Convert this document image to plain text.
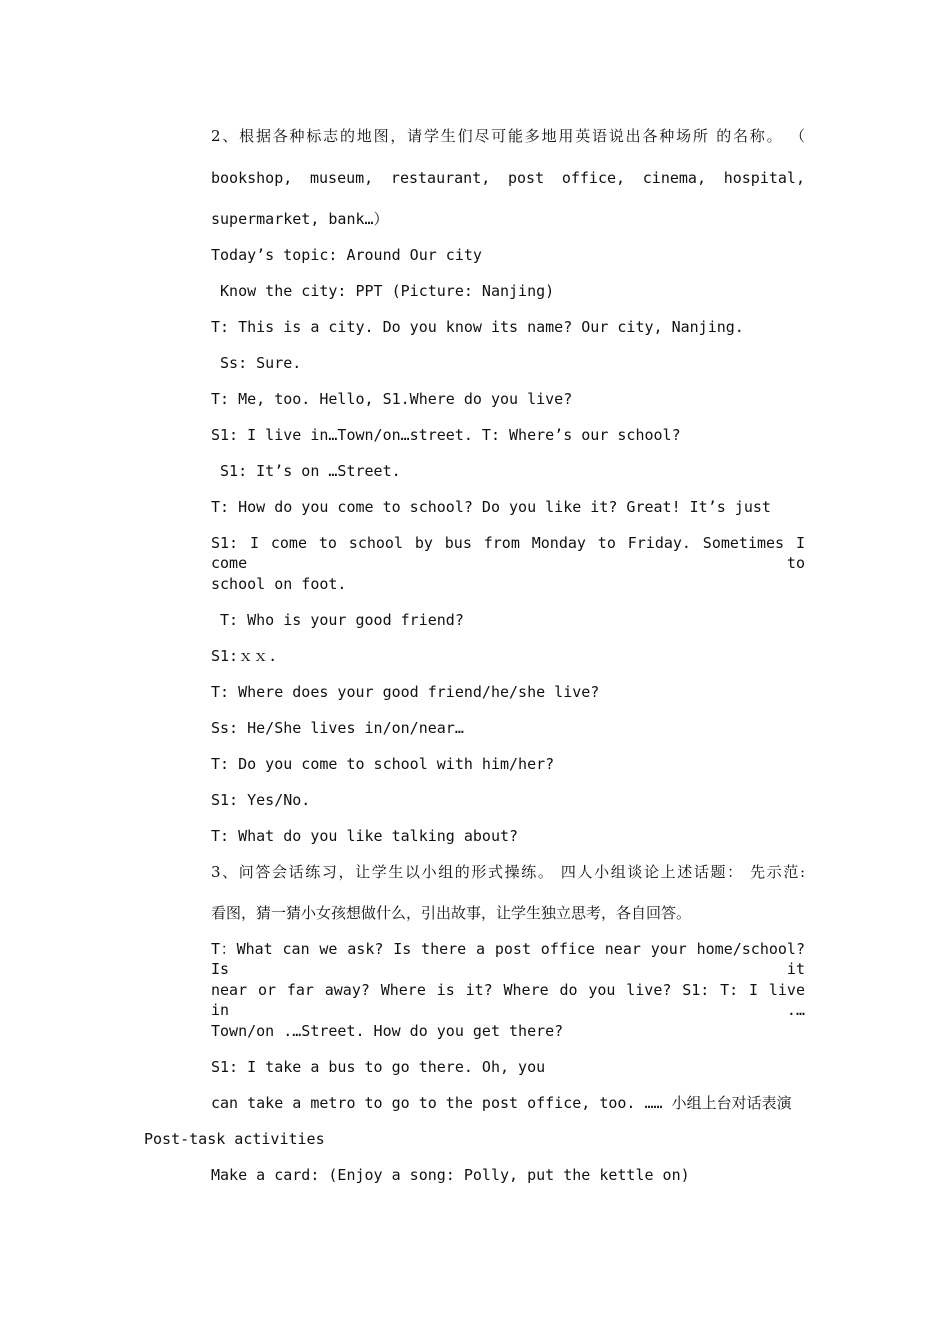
2、根据各种标志的地图，请学生们尽可能多地用英语说出各种场所 的名称。 （
bookshop, museum, restaurant, post office, cinema, hospital,
supermarket, bank…）
Today’s topic: Around Our city
Know the city: PPT (Picture: Nanjing)
T: This is a city. Do you know its name? Our city, Nanjing.
Ss: Sure.
T: Me, too. Hello, S1.Where do you live?
S1: I live in…Town/on…street. T: Where’s our school?
S1: It’s on …Street.
T: How do you come to school? Do you like it? Great! It’s just
S1: I come to school by bus from Monday to Friday. Sometimes I come to
school on foot.
T: Who is your good friend?
S1:ｘｘ.
T: Where does your good friend/he/she live?
Ss: He/She lives in/on/near…
T: Do you come to school with him/her?
S1: Yes/No.
T: What do you like talking about?
3、问答会话练习，让学生以小组的形式操练。 四人小组谈论上述话题： 先示范:
看图，猜一猜小女孩想做什么，引出故事，让学生独立思考，各自回答。
T：What can we ask? Is there a post office near your home/school? Is it
near or far away? Where is it? Where do you live? S1: T: I live in .…
Town/on .…Street. How do you get there?
S1: I take a bus to go there. Oh, you
can take a metro to go to the post office, too. …… 小组上台对话表演
Post-task activities
Make a card: (Enjoy a song: Polly, put the kettle on)
